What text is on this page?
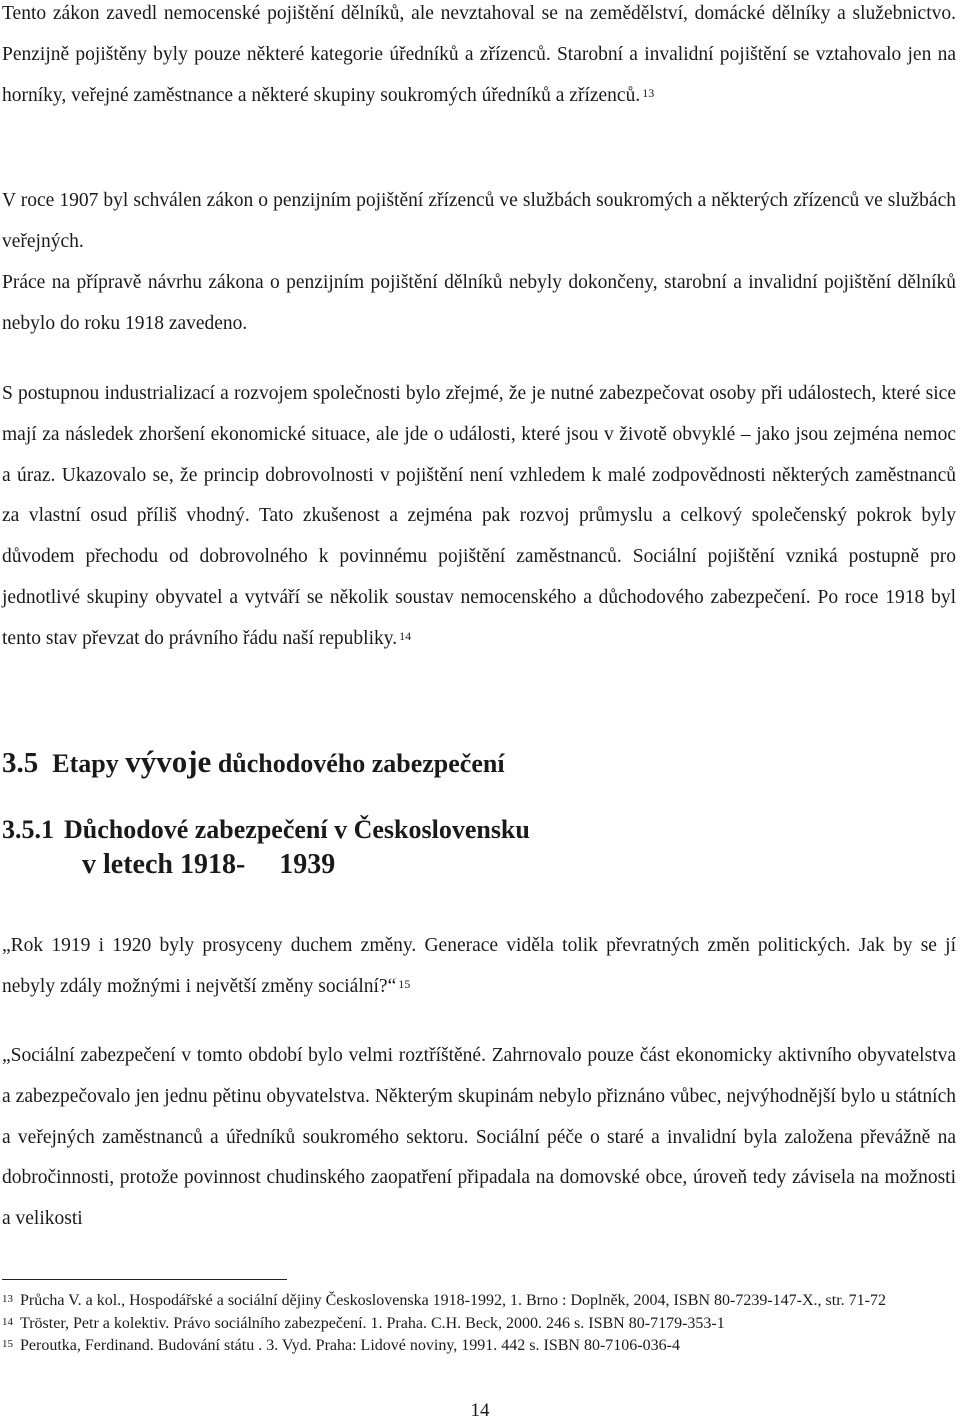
Tento zákon zavedl nemocenské pojištění dělníků, ale nevztahoval se na zemědělství, domácké dělníky a služebnictvo. Penzijně pojištěny byly pouze některé kategorie úředníků a zřízenců. Starobní a invalidní pojištění se vztahovalo jen na horníky, veřejné zaměstnance a některé skupiny soukromých úředníků a zřízenců. $^{13}$

V roce 1907 byl schválen zákon o penzijním pojištění zřízenců ve službách soukromých a některých zřízenců ve službách veřejných.

Práce na přípravě návrhu zákona o penzijním pojištění dělníků nebyly dokončeny, starobní a invalidní pojištění dělníků nebylo do roku 1918 zavedeno.

S postupnou industrializací a rozvojem společnosti bylo zřejmé, že je nutné zabezpečovat osoby při událostech, které sice mají za následek zhoršení ekonomické situace, ale jde o události, které jsou v životě obvyklé – jako jsou zejména nemoc a úraz. Ukazovalo se, že princip dobrovolnosti v pojištění není vzhledem k malé zodpovědnosti některých zaměstnanců za vlastní osud příliš vhodný. Tato zkušenost a zejména pak rozvoj průmyslu a celkový společenský pokrok byly důvodem přechodu od dobrovolného k povinnému pojištění zaměstnanců. Sociální pojištění vzniká postupně pro jednotlivé skupiny obyvatel a vytváří se několik soustav nemocenského a důchodového zabezpečení. Po roce 1918 byl tento stav převzat do právního řádu naší republiky. $^{14}$

3.5 Etapy vývoje důchodového zabezpečení
3.5.1 Důchodové zabezpečení v Československu

v letech 1918- 1939

„Rok 1919 i 1920 byly prosyceny duchem změny. Generace viděla tolik převratných změn politických. Jak by se jí nebyly zdály možnými i největší změny sociální?“ $^{15}$

„Sociální zabezpečení v tomto období bylo velmi roztříštěné. Zahrnovalo pouze část ekonomicky aktivního obyvatelstva a zabezpečovalo jen jednu pětinu obyvatelstva. Některým skupinám nebylo přiznáno vůbec, nejvýhodnější bylo u státních a veřejných zaměstnanců a úředníků soukromého sektoru. Sociální péče o staré a invalidní byla založena převážně na dobročinnosti, protože povinnost chudinského zaopatření připadala na domovské obce, úroveň tedy závisela na možnosti a velikosti

13 Průcha V. a kol., Hospodářské a sociální dějiny Československa 1918-1992, 1. Brno : Doplněk, 2004, ISBN 80-7239-147-X., str. 71-72

14 Tröster, Petr a kolektiv. Právo sociálního zabezpečení. 1. Praha. C.H. Beck, 2000. 246 s. ISBN 80-7179-353-1

15 Peroutka, Ferdinand. Budování státu . 3. Vyd. Praha: Lidové noviny, 1991. 442 s. ISBN 80-7106-036-4

14
